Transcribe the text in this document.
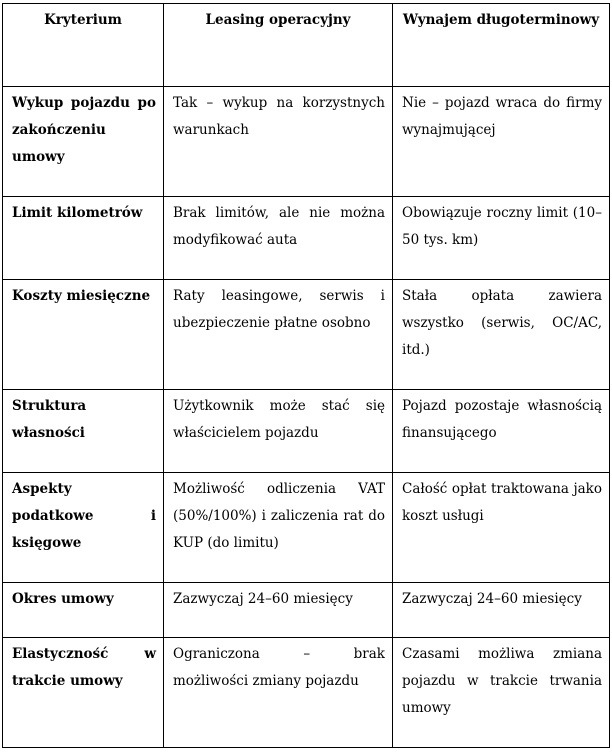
Kryterium	Leasing operacyjny	Wynajem długoterminowy
Wykup pojazdu po zakończeniu umowy	Tak – wykup na korzystnych warunkach	Nie – pojazd wraca do firmy wynajmującej
Limit kilometrów	Brak limitów, ale nie można modyfikować auta	Obowiązuje roczny limit (10–50 tys. km)
Koszty miesięczne	Raty leasingowe, serwis i ubezpieczenie płatne osobno	Stała opłata zawiera wszystko (serwis, OC/AC, itd.)
Struktura własności	Użytkownik może stać się właścicielem pojazdu	Pojazd pozostaje własnością finansującego
Aspekty podatkowe i księgowe	Możliwość odliczenia VAT (50%/100%) i zaliczenia rat do KUP (do limitu)	Całość opłat traktowana jako koszt usługi
Okres umowy	Zazwyczaj 24–60 miesięcy	Zazwyczaj 24–60 miesięcy
Elastyczność w trakcie umowy	Ograniczona – brak możliwości zmiany pojazdu	Czasami możliwa zmiana pojazdu w trakcie trwania umowy
